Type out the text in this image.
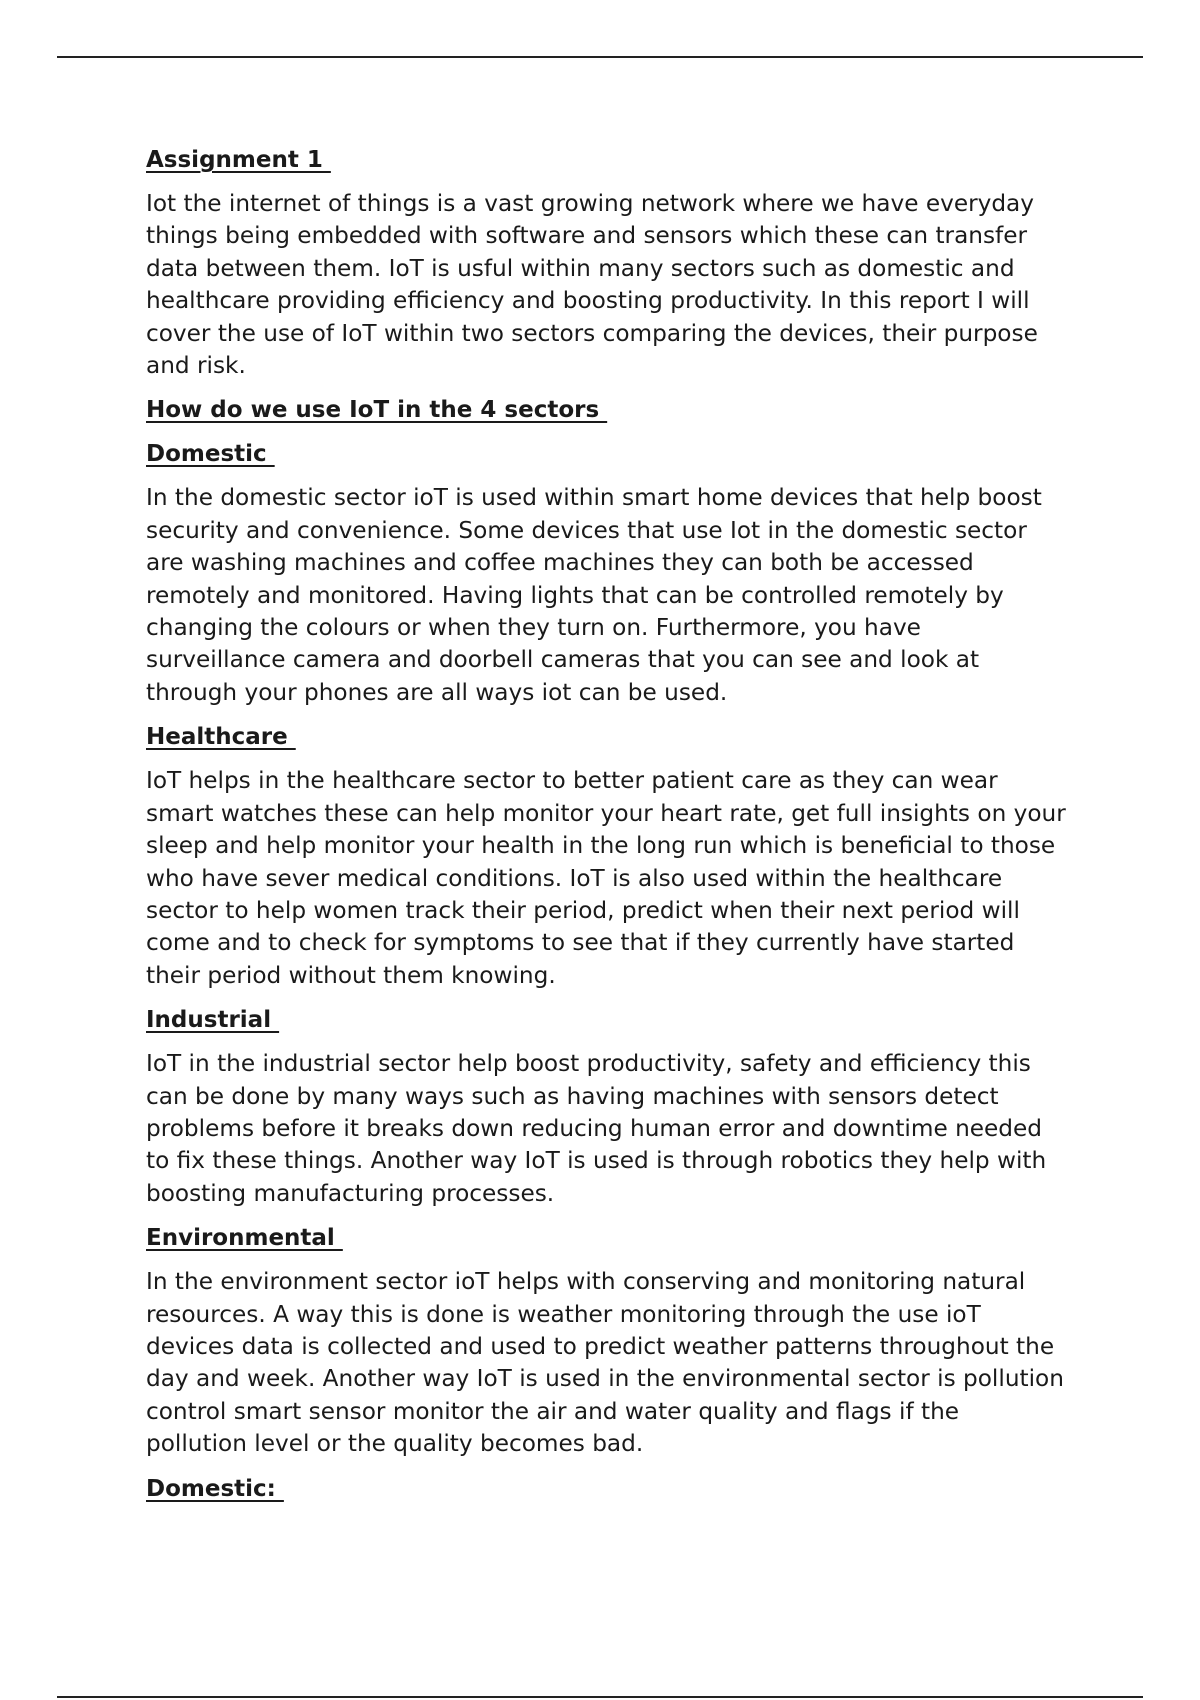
Assignment 1

Iot the internet of things is a vast growing network where we have everyday things being embedded with software and sensors which these can transfer data between them. IoT is usful within many sectors such as domestic and healthcare providing efficiency and boosting productivity. In this report I will cover the use of IoT within two sectors comparing the devices, their purpose and risk.

How do we use IoT in the 4 sectors
Domestic

In the domestic sector ioT is used within smart home devices that help boost security and convenience. Some devices that use Iot in the domestic sector are washing machines and coffee machines they can both be accessed remotely and monitored. Having lights that can be controlled remotely by changing the colours or when they turn on. Furthermore, you have surveillance camera and doorbell cameras that you can see and look at through your phones are all ways iot can be used.

Healthcare

IoT helps in the healthcare sector to better patient care as they can wear smart watches these can help monitor your heart rate, get full insights on your sleep and help monitor your health in the long run which is beneficial to those who have sever medical conditions. IoT is also used within the healthcare sector to help women track their period, predict when their next period will come and to check for symptoms to see that if they currently have started their period without them knowing.

Industrial

IoT in the industrial sector help boost productivity, safety and efficiency this can be done by many ways such as having machines with sensors detect problems before it breaks down reducing human error and downtime needed to fix these things. Another way IoT is used is through robotics they help with boosting manufacturing processes.

Environmental

In the environment sector ioT helps with conserving and monitoring natural resources. A way this is done is weather monitoring through the use ioT devices data is collected and used to predict weather patterns throughout the day and week. Another way IoT is used in the environmental sector is pollution control smart sensor monitor the air and water quality and flags if the pollution level or the quality becomes bad.

Domestic:
